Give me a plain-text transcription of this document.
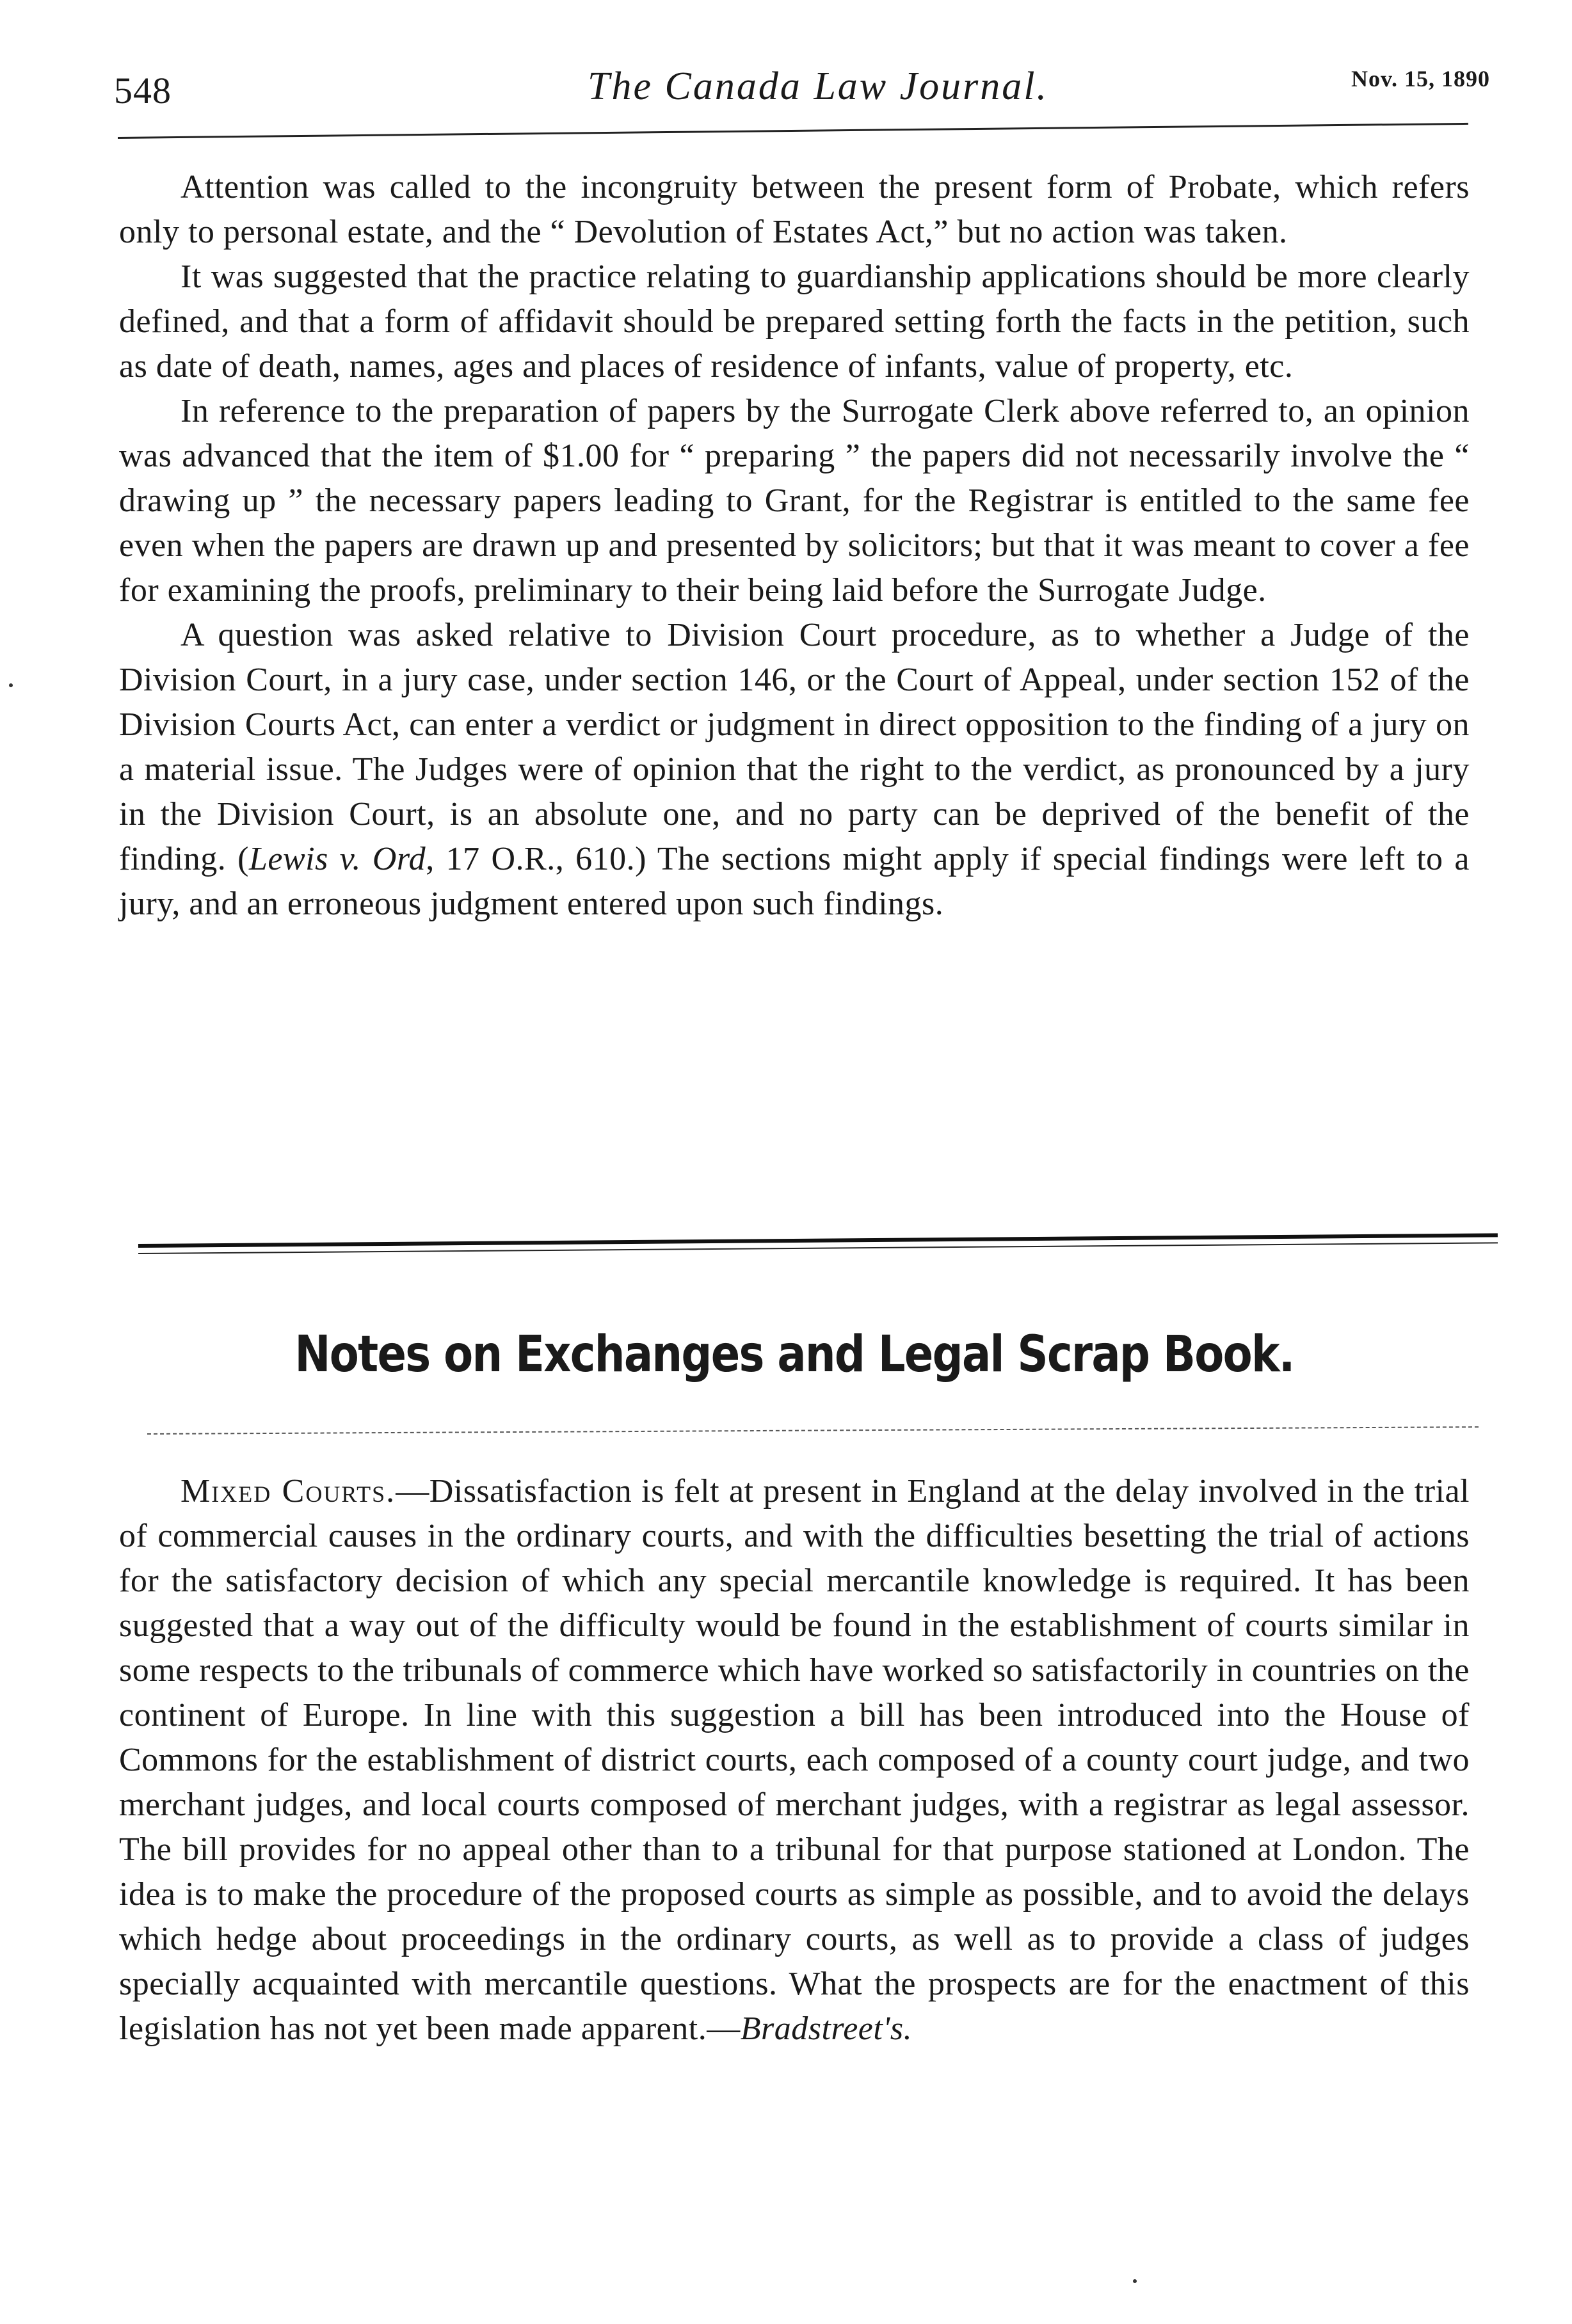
548	The Canada Law Journal.	Nov. 15, 1890

Attention was called to the incongruity between the present form of Probate, which refers only to personal estate, and the “ Devolution of Estates Act,” but no action was taken.

It was suggested that the practice relating to guardianship applications should be more clearly defined, and that a form of affidavit should be prepared setting forth the facts in the petition, such as date of death, names, ages and places of residence of infants, value of property, etc.

In reference to the preparation of papers by the Surrogate Clerk above referred to, an opinion was advanced that the item of $1.00 for “ preparing ” the papers did not necessarily involve the “ drawing up ” the necessary papers leading to Grant, for the Registrar is entitled to the same fee even when the papers are drawn up and presented by solicitors; but that it was meant to cover a fee for examining the proofs, preliminary to their being laid before the Surrogate Judge.

A question was asked relative to Division Court procedure, as to whether a Judge of the Division Court, in a jury case, under section 146, or the Court of Appeal, under section 152 of the Division Courts Act, can enter a verdict or judgment in direct opposition to the finding of a jury on a material issue. The Judges were of opinion that the right to the verdict, as pronounced by a jury in the Division Court, is an absolute one, and no party can be deprived of the benefit of the finding. (Lewis v. Ord, 17 O.R., 610.) The sections might apply if special findings were left to a jury, and an erroneous judgment entered upon such findings.

Notes on Exchanges and Legal Scrap Book.

Mixed Courts.—Dissatisfaction is felt at present in England at the delay involved in the trial of commercial causes in the ordinary courts, and with the difficulties besetting the trial of actions for the satisfactory decision of which any special mercantile knowledge is required. It has been suggested that a way out of the difficulty would be found in the establishment of courts similar in some respects to the tribunals of commerce which have worked so satisfactorily in countries on the continent of Europe. In line with this suggestion a bill has been introduced into the House of Commons for the establishment of district courts, each composed of a county court judge, and two merchant judges, and local courts composed of merchant judges, with a registrar as legal assessor. The bill provides for no appeal other than to a tribunal for that purpose stationed at London. The idea is to make the procedure of the proposed courts as simple as possible, and to avoid the delays which hedge about proceedings in the ordinary courts, as well as to provide a class of judges specially acquainted with mercantile questions. What the prospects are for the enactment of this legislation has not yet been made apparent.—Bradstreet's.
